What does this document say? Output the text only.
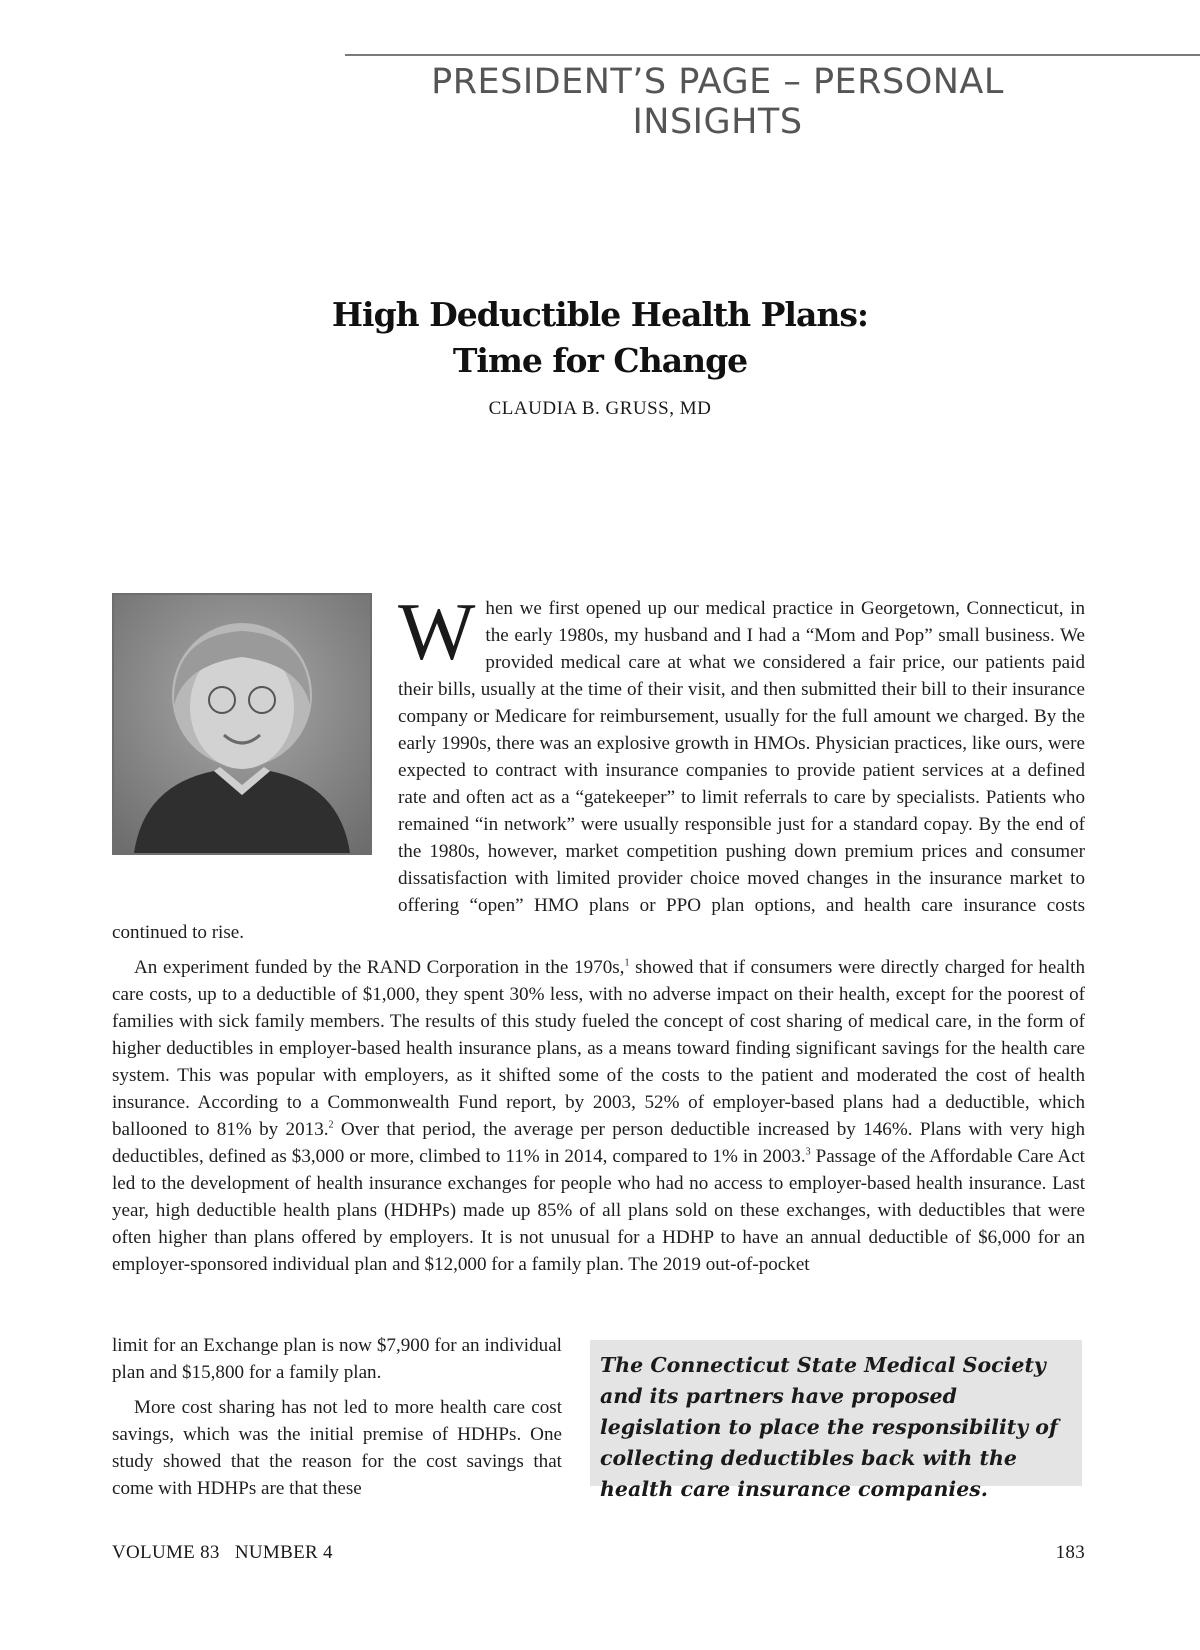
PRESIDENT’S PAGE – PERSONAL INSIGHTS
High Deductible Health Plans:
Time for Change
CLAUDIA B. GRUSS, MD

W hen we first opened up our medical practice in Georgetown, Connecticut, in the early 1980s, my husband and I had a “Mom and Pop” small business. We provided medical care at what we considered a fair price, our patients paid their bills, usually at the time of their visit, and then submitted their bill to their insurance company or Medicare for reimbursement, usually for the full amount we charged. By the early 1990s, there was an explosive growth in HMOs. Physician practices, like ours, were expected to contract with insurance companies to provide patient services at a defined rate and often act as a “gatekeeper” to limit referrals to care by specialists. Patients who remained “in network” were usually responsible just for a standard copay. By the end of the 1980s, however, market competition pushing down premium prices and consumer dissatisfaction with limited provider choice moved changes in the insurance market to offering “open” HMO plans or PPO plan options, and health care insurance costs continued to rise.

An experiment funded by the RAND Corporation in the 1970s,$^1$ showed that if consumers were directly charged for health care costs, up to a deductible of $1,000, they spent 30% less, with no adverse impact on their health, except for the poorest of families with sick family members. The results of this study fueled the concept of cost sharing of medical care, in the form of higher deductibles in employer-based health insurance plans, as a means toward finding significant savings for the health care system. This was popular with employers, as it shifted some of the costs to the patient and moderated the cost of health insurance. According to a Commonwealth Fund report, by 2003, 52% of employer-based plans had a deductible, which ballooned to 81% by 2013.$^2$ Over that period, the average per person deductible increased by 146%. Plans with very high deductibles, defined as $3,000 or more, climbed to 11% in 2014, compared to 1% in 2003.$^3$ Passage of the Affordable Care Act led to the development of health insurance exchanges for people who had no access to employer-based health insurance. Last year, high deductible health plans (HDHPs) made up 85% of all plans sold on these exchanges, with deductibles that were often higher than plans offered by employers. It is not unusual for a HDHP to have an annual deductible of $6,000 for an employer-sponsored individual plan and $12,000 for a family plan. The 2019 out-of-pocket

limit for an Exchange plan is now $7,900 for an individual plan and $15,800 for a family plan.

More cost sharing has not led to more health care cost savings, which was the initial premise of HDHPs. One study showed that the reason for the cost savings that come with HDHPs are that these

The Connecticut State Medical Society and its partners have proposed legislation to place the responsibility of collecting deductibles back with the health care insurance companies.

VOLUME 83   NUMBER 4	183
